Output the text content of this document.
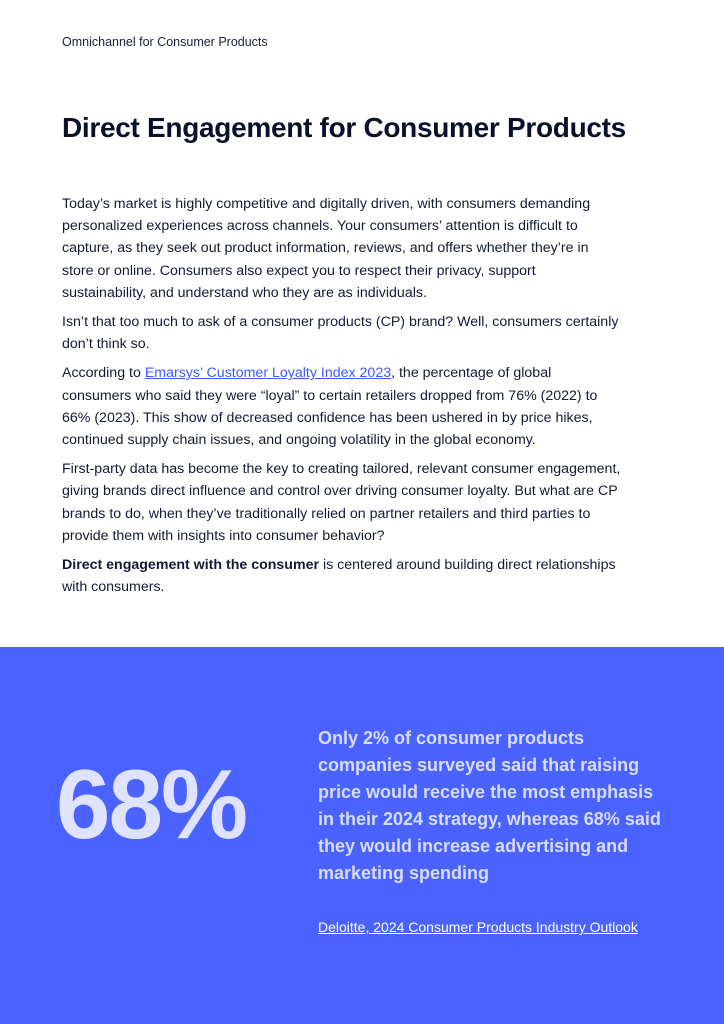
Omnichannel for Consumer Products
Direct Engagement for Consumer Products

Today’s market is highly competitive and digitally driven, with consumers demanding personalized experiences across channels. Your consumers’ attention is difficult to capture, as they seek out product information, reviews, and offers whether they’re in store or online. Consumers also expect you to respect their privacy, support sustainability, and understand who they are as individuals.

Isn’t that too much to ask of a consumer products (CP) brand? Well, consumers certainly don’t think so.

According to Emarsys’ Customer Loyalty Index 2023, the percentage of global consumers who said they were “loyal” to certain retailers dropped from 76% (2022) to 66% (2023). This show of decreased confidence has been ushered in by price hikes, continued supply chain issues, and ongoing volatility in the global economy.

First-party data has become the key to creating tailored, relevant consumer engagement, giving brands direct influence and control over driving consumer loyalty. But what are CP brands to do, when they’ve traditionally relied on partner retailers and third parties to provide them with insights into consumer behavior?

Direct engagement with the consumer is centered around building direct relationships with consumers.

68%
Only 2% of consumer products companies surveyed said that raising price would receive the most emphasis in their 2024 strategy, whereas 68% said they would increase advertising and marketing spending
Deloitte, 2024 Consumer Products Industry Outlook
